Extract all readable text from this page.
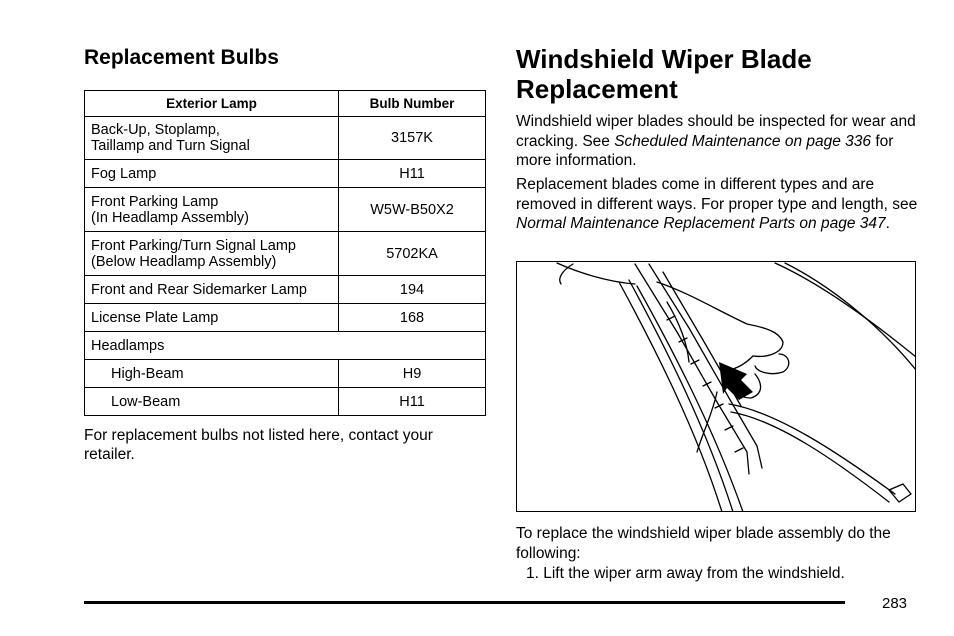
Replacement Bulbs
Exterior Lamp	Bulb Number
Back-Up, Stoplamp,
Taillamp and Turn Signal	3157K
Fog Lamp	H11
Front Parking Lamp
(In Headlamp Assembly)	W5W-B50X2
Front Parking/Turn Signal Lamp
(Below Headlamp Assembly)	5702KA
Front and Rear Sidemarker Lamp	194
License Plate Lamp	168
Headlamps	
High-Beam	H9
Low-Beam	H11

For replacement bulbs not listed here, contact your retailer.

Windshield Wiper Blade Replacement

Windshield wiper blades should be inspected for wear and cracking. See Scheduled Maintenance on page 336 for more information.

Replacement blades come in different types and are removed in different ways. For proper type and length, see Normal Maintenance Replacement Parts on page 347.

To replace the windshield wiper blade assembly do the following:

1. Lift the wiper arm away from the windshield.

283
